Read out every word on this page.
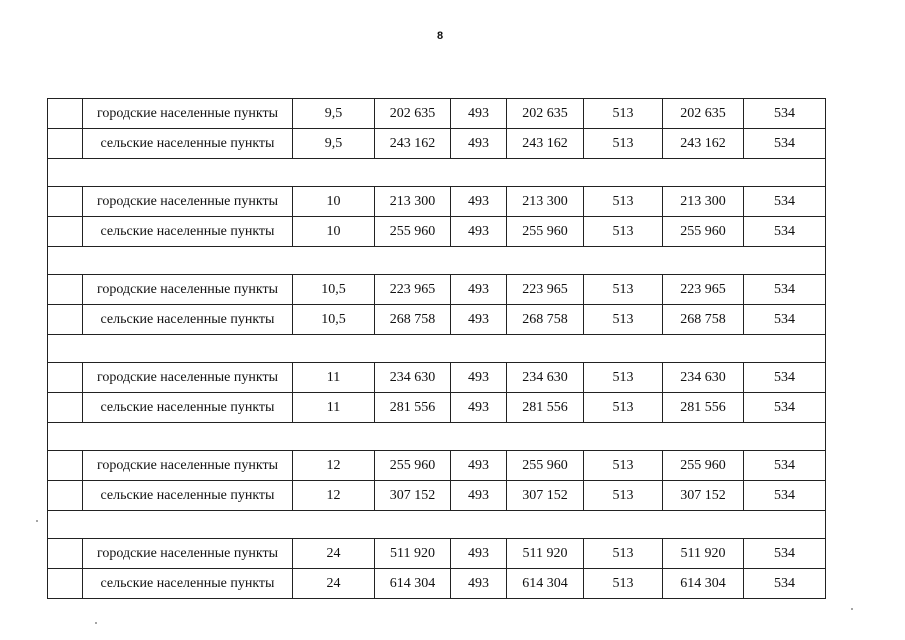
8
	городские населенные пункты	9,5	202 635	493	202 635	513	202 635	534
	сельские населенные пункты	9,5	243 162	493	243 162	513	243 162	534

	городские населенные пункты	10	213 300	493	213 300	513	213 300	534
	сельские населенные пункты	10	255 960	493	255 960	513	255 960	534

	городские населенные пункты	10,5	223 965	493	223 965	513	223 965	534
	сельские населенные пункты	10,5	268 758	493	268 758	513	268 758	534

	городские населенные пункты	11	234 630	493	234 630	513	234 630	534
	сельские населенные пункты	11	281 556	493	281 556	513	281 556	534

	городские населенные пункты	12	255 960	493	255 960	513	255 960	534
	сельские населенные пункты	12	307 152	493	307 152	513	307 152	534

	городские населенные пункты	24	511 920	493	511 920	513	511 920	534
	сельские населенные пункты	24	614 304	493	614 304	513	614 304	534
